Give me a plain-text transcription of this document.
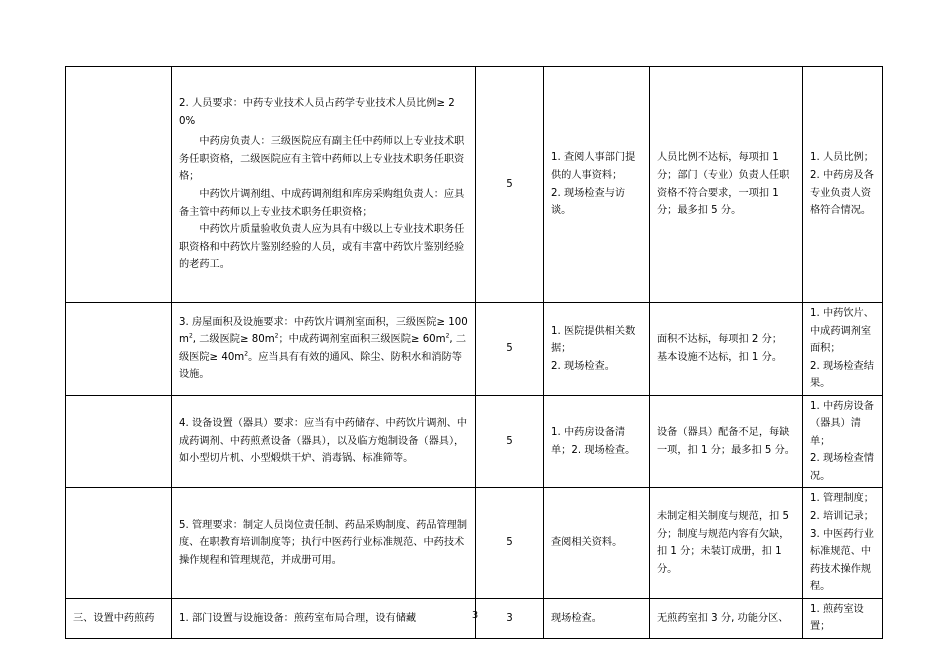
	2. 人员要求：中药专业技术人员占药学专业技术人员比例≥ 20%
中药房负责人：三级医院应有副主任中药师以上专业技术职务任职资格，二级医院应有主管中药师以上专业技术职务任职资格；
中药饮片调剂组、中成药调剂组和库房采购组负责人：应具备主管中药师以上专业技术职务任职资格；
中药饮片质量验收负责人应为具有中级以上专业技术职务任职资格和中药饮片鉴别经验的人员，或有丰富中药饮片鉴别经验的老药工。	5	1. 查阅人事部门提供的人事资料；
2. 现场检查与访谈。	人员比例不达标，每项扣 1 分；部门（专业）负责人任职资格不符合要求，一项扣 1 分；最多扣 5 分。	1. 人员比例；
2. 中药房及各专业负责人资格符合情况。

	3. 房屋面积及设施要求：中药饮片调剂室面积，三级医院≥ $100m^2$, 二级医院≥ $80m^2$；中成药调剂室面积三级医院≥ $60m^2$, 二级医院≥ $40m^2$。应当具有有效的通风、除尘、防积水和消防等设施。	5	1. 医院提供相关数据；
2. 现场检查。	面积不达标，每项扣 2 分；
基本设施不达标，扣 1 分。	1. 中药饮片、中成药调剂室面积；
2. 现场检查结果。

	4. 设备设置（器具）要求：应当有中药储存、中药饮片调剂、中成药调剂、中药煎煮设备（器具），以及临方炮制设备（器具），如小型切片机、小型煅烘干炉、消毒锅、标准筛等。	5	1. 中药房设备清单；2. 现场检查。	设备（器具）配备不足，每缺一项，扣 1 分；最多扣 5 分。	1. 中药房设备（器具）清单；
2. 现场检查情况。

	5. 管理要求：制定人员岗位责任制、药品采购制度、药品管理制度、在职教育培训制度等；执行中医药行业标准规范、中药技术操作规程和管理规范，并成册可用。	5	查阅相关资料。	未制定相关制度与规范，扣 5 分；制度与规范内容有欠缺，扣 1 分；未装订成册，扣 1 分。	1. 管理制度；
2. 培训记录；
3. 中医药行业标准规范、中药技术操作规程。

三、设置中药煎药	1. 部门设置与设施设备：煎药室布局合理，设有储藏	3	现场检查。	无煎药室扣 3 分, 功能分区、	1. 煎药室设置；
3
